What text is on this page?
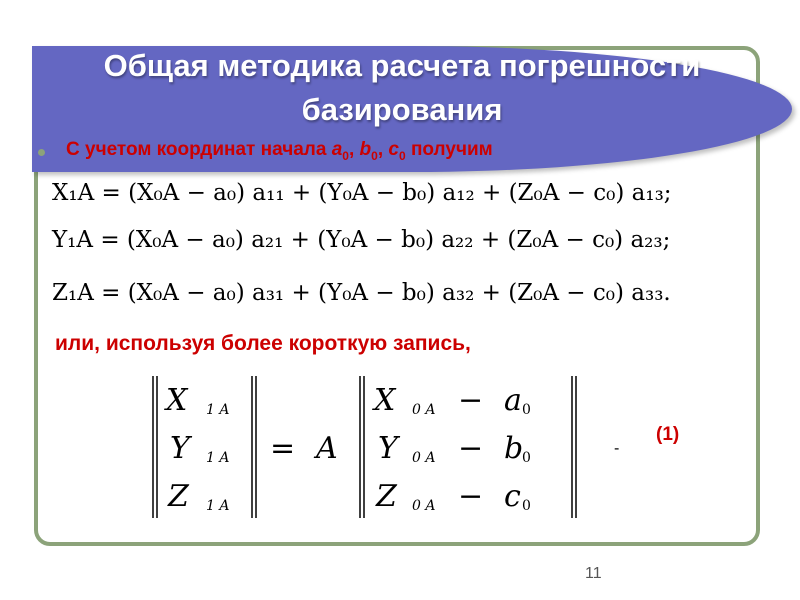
Общая методика расчета погрешности базирования
С учетом координат начала $a_0$, $b_0$, $c_0$ получим
X₁A = (X₀A − a₀) a₁₁ + (Y₀A − b₀) a₁₂ + (Z₀A − c₀) a₁₃;
Y₁A = (X₀A − a₀) a₂₁ + (Y₀A − b₀) a₂₂ + (Z₀A − c₀) a₂₃;
Z₁A = (X₀A − a₀) a₃₁ + (Y₀A − b₀) a₃₂ + (Z₀A − c₀) a₃₃.
или, используя более короткую запись,
X 1 A
Y 1 A
Z 1 A
= A
X 0 A − a 0
Y 0 A − b
0
Z 0 A − c 0
-
(1)
11
